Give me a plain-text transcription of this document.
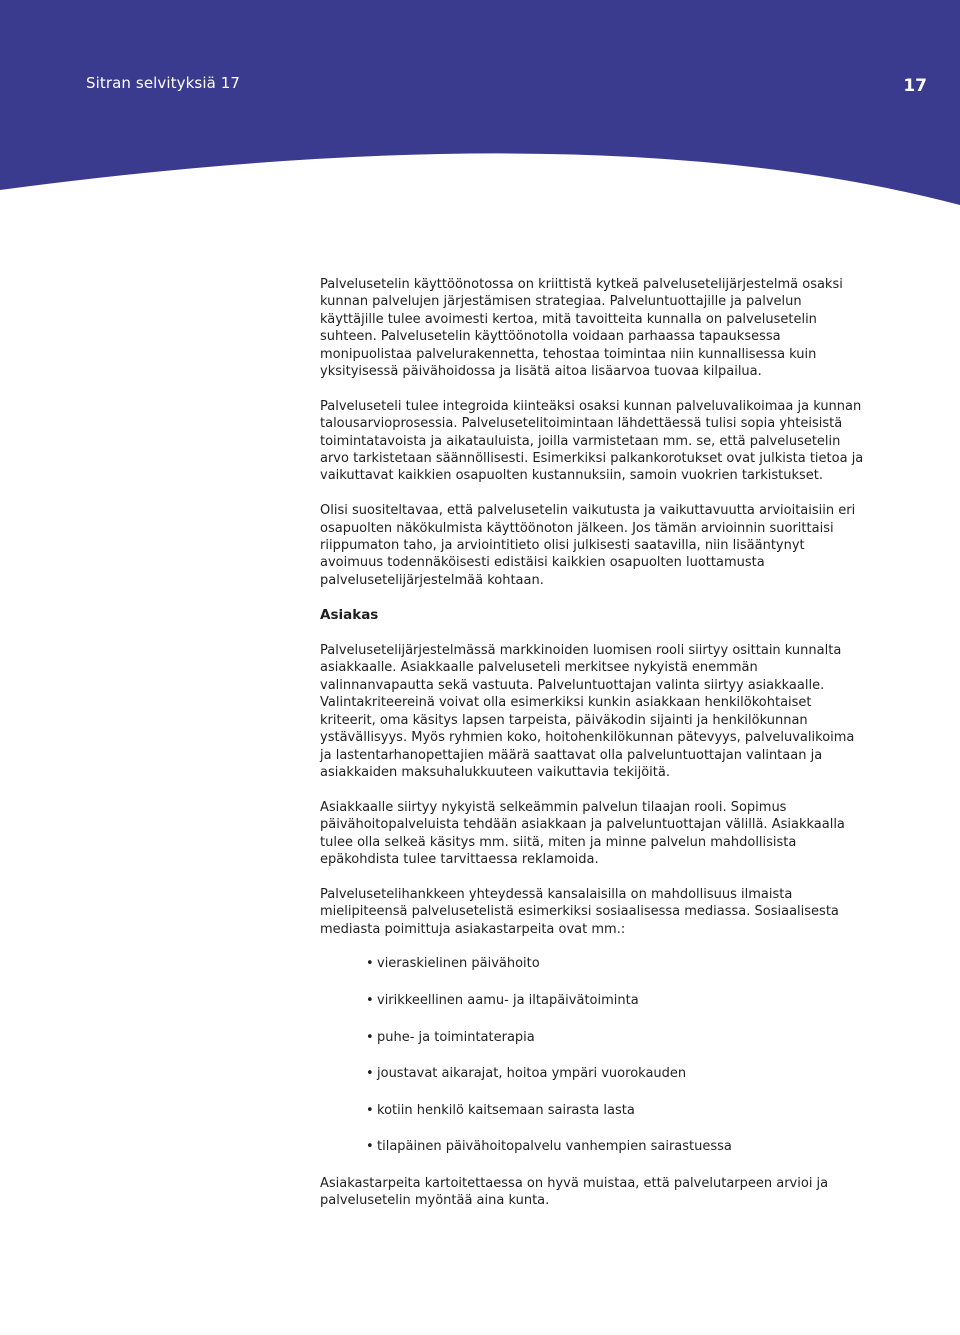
Sitran selvityksiä 17	17

Palvelusetelin käyttöönotossa on kriittistä kytkeä palvelusetelijärjestelmä osaksi kunnan palvelujen järjestämisen strategiaa. Palveluntuottajille ja palvelun käyttäjille tulee avoimesti kertoa, mitä tavoitteita kunnalla on palvelusetelin suhteen. Palvelusetelin käyttöönotolla voidaan parhaassa tapauksessa monipuolistaa palvelurakennetta, tehostaa toimintaa niin kunnallisessa kuin yksityisessä päivähoidossa ja lisätä aitoa lisäarvoa tuovaa kilpailua.

Palveluseteli tulee integroida kiinteäksi osaksi kunnan palveluvalikoimaa ja kunnan talousarvioprosessia. Palvelusetelitoimintaan lähdettäessä tulisi sopia yhteisistä toimintatavoista ja aikatauluista, joilla varmistetaan mm. se, että palvelusetelin arvo tarkistetaan säännöllisesti. Esimerkiksi palkankorotukset ovat julkista tietoa ja vaikuttavat kaikkien osapuolten kustannuksiin, samoin vuokrien tarkistukset.

Olisi suositeltavaa, että palvelusetelin vaikutusta ja vaikuttavuutta arvioitaisiin eri osapuolten näkökulmista käyttöönoton jälkeen. Jos tämän arvioinnin suorittaisi riippumaton taho, ja arviointitieto olisi julkisesti saatavilla, niin lisääntynyt avoimuus todennäköisesti edistäisi kaikkien osapuolten luottamusta palvelusetelijärjestelmää kohtaan.

Asiakas

Palvelusetelijärjestelmässä markkinoiden luomisen rooli siirtyy osittain kunnalta asiakkaalle. Asiakkaalle palveluseteli merkitsee nykyistä enemmän valinnanvapautta sekä vastuuta. Palveluntuottajan valinta siirtyy asiakkaalle. Valintakriteereinä voivat olla esimerkiksi kunkin asiakkaan henkilökohtaiset kriteerit, oma käsitys lapsen tarpeista, päiväkodin sijainti ja henkilökunnan ystävällisyys. Myös ryhmien koko, hoitohenkilökunnan pätevyys, palveluvalikoima ja lastentarhanopettajien määrä saattavat olla palveluntuottajan valintaan ja asiakkaiden maksuhalukkuuteen vaikuttavia tekijöitä.

Asiakkaalle siirtyy nykyistä selkeämmin palvelun tilaajan rooli. Sopimus päivähoitopalveluista tehdään asiakkaan ja palveluntuottajan välillä. Asiakkaalla tulee olla selkeä käsitys mm. siitä, miten ja minne palvelun mahdollisista epäkohdista tulee tarvittaessa reklamoida.

Palvelusetelihankkeen yhteydessä kansalaisilla on mahdollisuus ilmaista mielipiteensä palvelusetelistä esimerkiksi sosiaalisessa mediassa. Sosiaalisesta mediasta poimittuja asiakastarpeita ovat mm.:

• vieraskielinen päivähoito
• virikkeellinen aamu- ja iltapäivätoiminta
• puhe- ja toimintaterapia
• joustavat aikarajat, hoitoa ympäri vuorokauden
• kotiin henkilö kaitsemaan sairasta lasta
• tilapäinen päivähoitopalvelu vanhempien sairastuessa

Asiakastarpeita kartoitettaessa on hyvä muistaa, että palvelutarpeen arvioi ja palvelusetelin myöntää aina kunta.
